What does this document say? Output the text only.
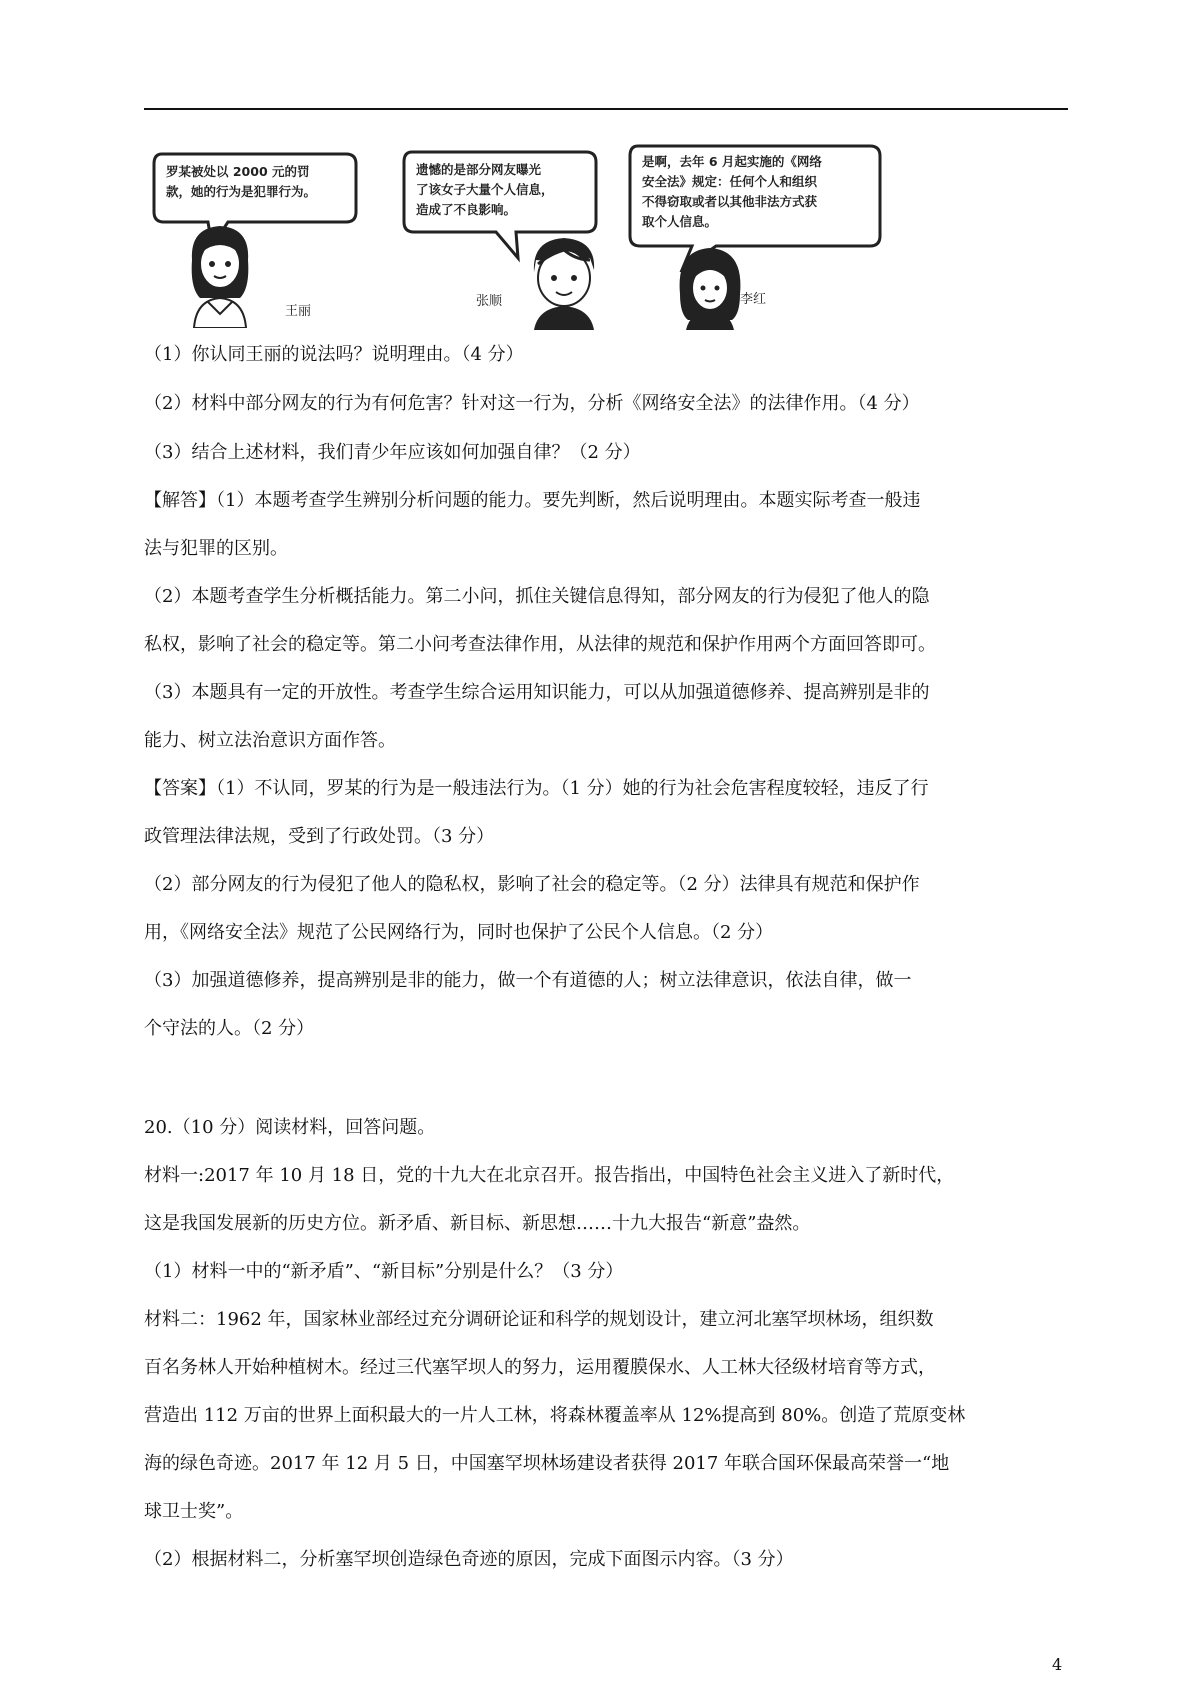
罗某被处以 2000 元的罚
款，她的行为是犯罪行为。
王丽
遗憾的是部分网友曝光
了该女子大量个人信息，
造成了不良影响。
张顺
是啊，去年 6 月起实施的《网络
安全法》规定：任何个人和组织
不得窃取或者以其他非法方式获
取个人信息。
李红
（1）你认同王丽的说法吗？说明理由。（4 分）
（2）材料中部分网友的行为有何危害？针对这一行为，分析《网络安全法》的法律作用。（4 分）
（3）结合上述材料，我们青少年应该如何加强自律？（2 分）
【解答】（1）本题考查学生辨别分析问题的能力。要先判断，然后说明理由。本题实际考查一般违
法与犯罪的区别。
（2）本题考查学生分析概括能力。第二小问，抓住关键信息得知，部分网友的行为侵犯了他人的隐
私权，影响了社会的稳定等。第二小问考查法律作用，从法律的规范和保护作用两个方面回答即可。
（3）本题具有一定的开放性。考查学生综合运用知识能力，可以从加强道德修养、提高辨别是非的
能力、树立法治意识方面作答。
【答案】（1）不认同，罗某的行为是一般违法行为。（1 分）她的行为社会危害程度较轻，违反了行
政管理法律法规，受到了行政处罚。（3 分）
（2）部分网友的行为侵犯了他人的隐私权，影响了社会的稳定等。（2 分）法律具有规范和保护作
用，《网络安全法》规范了公民网络行为，同时也保护了公民个人信息。（2 分）
（3）加强道德修养，提高辨别是非的能力，做一个有道德的人；树立法律意识，依法自律，做一
个守法的人。（2 分）
20.（10 分）阅读材料，回答问题。
材料一:2017 年 10 月 18 日，党的十九大在北京召开。报告指出，中国特色社会主义进入了新时代，
这是我国发展新的历史方位。新矛盾、新目标、新思想……十九大报告“新意”盎然。
（1）材料一中的“新矛盾”、“新目标”分别是什么？（3 分）
材料二：1962 年，国家林业部经过充分调研论证和科学的规划设计，建立河北塞罕坝林场，组织数
百名务林人开始种植树木。经过三代塞罕坝人的努力，运用覆膜保水、人工林大径级材培育等方式，
营造出 112 万亩的世界上面积最大的一片人工林，将森林覆盖率从 12%提高到 80%。创造了荒原变林
海的绿色奇迹。2017 年 12 月 5 日，中国塞罕坝林场建设者获得 2017 年联合国环保最高荣誉一“地
球卫士奖”。
（2）根据材料二，分析塞罕坝创造绿色奇迹的原因，完成下面图示内容。（3 分）
4
